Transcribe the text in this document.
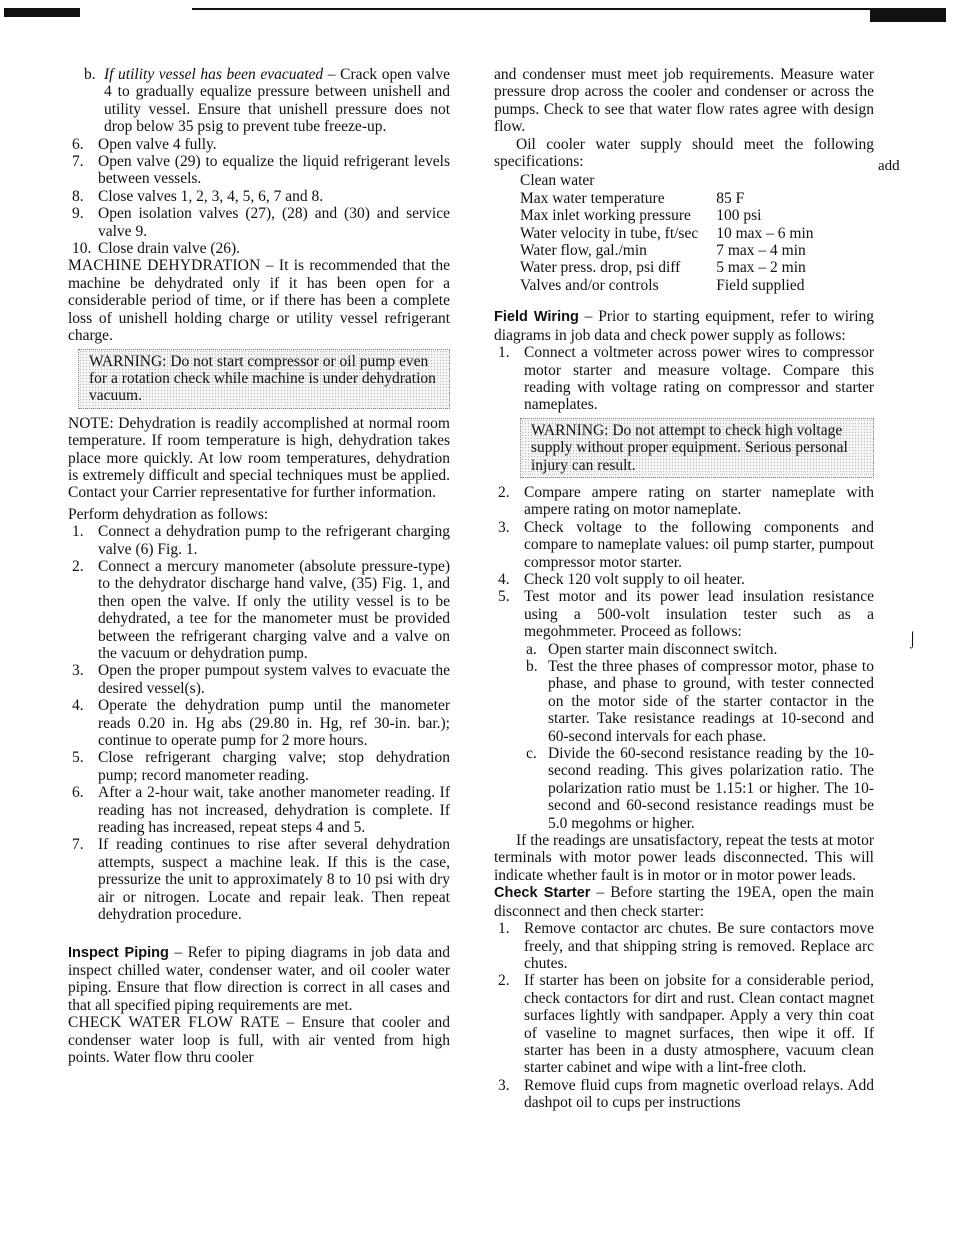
b. If utility vessel has been evacuated – Crack open valve 4 to gradually equalize pressure between unishell and utility vessel. Ensure that unishell pressure does not drop below 35 psig to prevent tube freeze-up.
6. Open valve 4 fully.
7. Open valve (29) to equalize the liquid refrigerant levels between vessels.
8. Close valves 1, 2, 3, 4, 5, 6, 7 and 8.
9. Open isolation valves (27), (28) and (30) and service valve 9.
10. Close drain valve (26).

MACHINE DEHYDRATION – It is recommended that the machine be dehydrated only if it has been open for a considerable period of time, or if there has been a complete loss of unishell holding charge or utility vessel refrigerant charge.

WARNING: Do not start compressor or oil pump even for a rotation check while machine is under dehydration vacuum.

NOTE: Dehydration is readily accomplished at normal room temperature. If room temperature is high, dehydration takes place more quickly. At low room temperatures, dehydration is extremely difficult and special techniques must be applied. Contact your Carrier representative for further information.

Perform dehydration as follows:

1. Connect a dehydration pump to the refrigerant charging valve (6) Fig. 1.
2. Connect a mercury manometer (absolute pressure-type) to the dehydrator discharge hand valve, (35) Fig. 1, and then open the valve. If only the utility vessel is to be dehydrated, a tee for the manometer must be provided between the refrigerant charging valve and a valve on the vacuum or dehydration pump.
3. Open the proper pumpout system valves to evacuate the desired vessel(s).
4. Operate the dehydration pump until the manometer reads 0.20 in. Hg abs (29.80 in. Hg, ref 30-in. bar.); continue to operate pump for 2 more hours.
5. Close refrigerant charging valve; stop dehydration pump; record manometer reading.
6. After a 2-hour wait, take another manometer reading. If reading has not increased, dehydration is complete. If reading has increased, repeat steps 4 and 5.
7. If reading continues to rise after several dehydration attempts, suspect a machine leak. If this is the case, pressurize the unit to approximately 8 to 10 psi with dry air or nitrogen. Locate and repair leak. Then repeat dehydration procedure.

Inspect Piping – Refer to piping diagrams in job data and inspect chilled water, condenser water, and oil cooler water piping. Ensure that flow direction is correct in all cases and that all specified piping requirements are met.

CHECK WATER FLOW RATE – Ensure that cooler and condenser water loop is full, with air vented from high points. Water flow thru cooler

and condenser must meet job requirements. Measure water pressure drop across the cooler and condenser or across the pumps. Check to see that water flow rates agree with design flow.

Oil cooler water supply should meet the following specifications:

Clean water	
Max water temperature	85 F
Max inlet working pressure	100 psi
Water velocity in tube, ft/sec	10 max – 6 min
Water flow, gal./min	7 max – 4 min
Water press. drop, psi diff	5 max – 2 min
Valves and/or controls	Field supplied

Field Wiring – Prior to starting equipment, refer to wiring diagrams in job data and check power supply as follows:

1. Connect a voltmeter across power wires to compressor motor starter and measure voltage. Compare this reading with voltage rating on compressor and starter nameplates.
WARNING: Do not attempt to check high voltage supply without proper equipment. Serious personal injury can result.
2. Compare ampere rating on starter nameplate with ampere rating on motor nameplate.
3. Check voltage to the following components and compare to nameplate values: oil pump starter, pumpout compressor motor starter.
4. Check 120 volt supply to oil heater.
5. Test motor and its power lead insulation resistance using a 500-volt insulation tester such as a megohmmeter. Proceed as follows:
a. Open starter main disconnect switch.
b. Test the three phases of compressor motor, phase to phase, and phase to ground, with tester connected on the motor side of the starter contactor in the starter. Take resistance readings at 10-second and 60-second intervals for each phase.
c. Divide the 60-second resistance reading by the 10-second reading. This gives polarization ratio. The polarization ratio must be 1.15:1 or higher. The 10-second and 60-second resistance readings must be 5.0 megohms or higher.

If the readings are unsatisfactory, repeat the tests at motor terminals with motor power leads disconnected. This will indicate whether fault is in motor or in motor power leads.

Check Starter – Before starting the 19EA, open the main disconnect and then check starter:

1. Remove contactor arc chutes. Be sure contactors move freely, and that shipping string is removed. Replace arc chutes.
2. If starter has been on jobsite for a considerable period, check contactors for dirt and rust. Clean contact magnet surfaces lightly with sandpaper. Apply a very thin coat of vaseline to magnet surfaces, then wipe it off. If starter has been in a dusty atmosphere, vacuum clean starter cabinet and wipe with a lint-free cloth.
3. Remove fluid cups from magnetic overload relays. Add dashpot oil to cups per instructions
add
⌡
